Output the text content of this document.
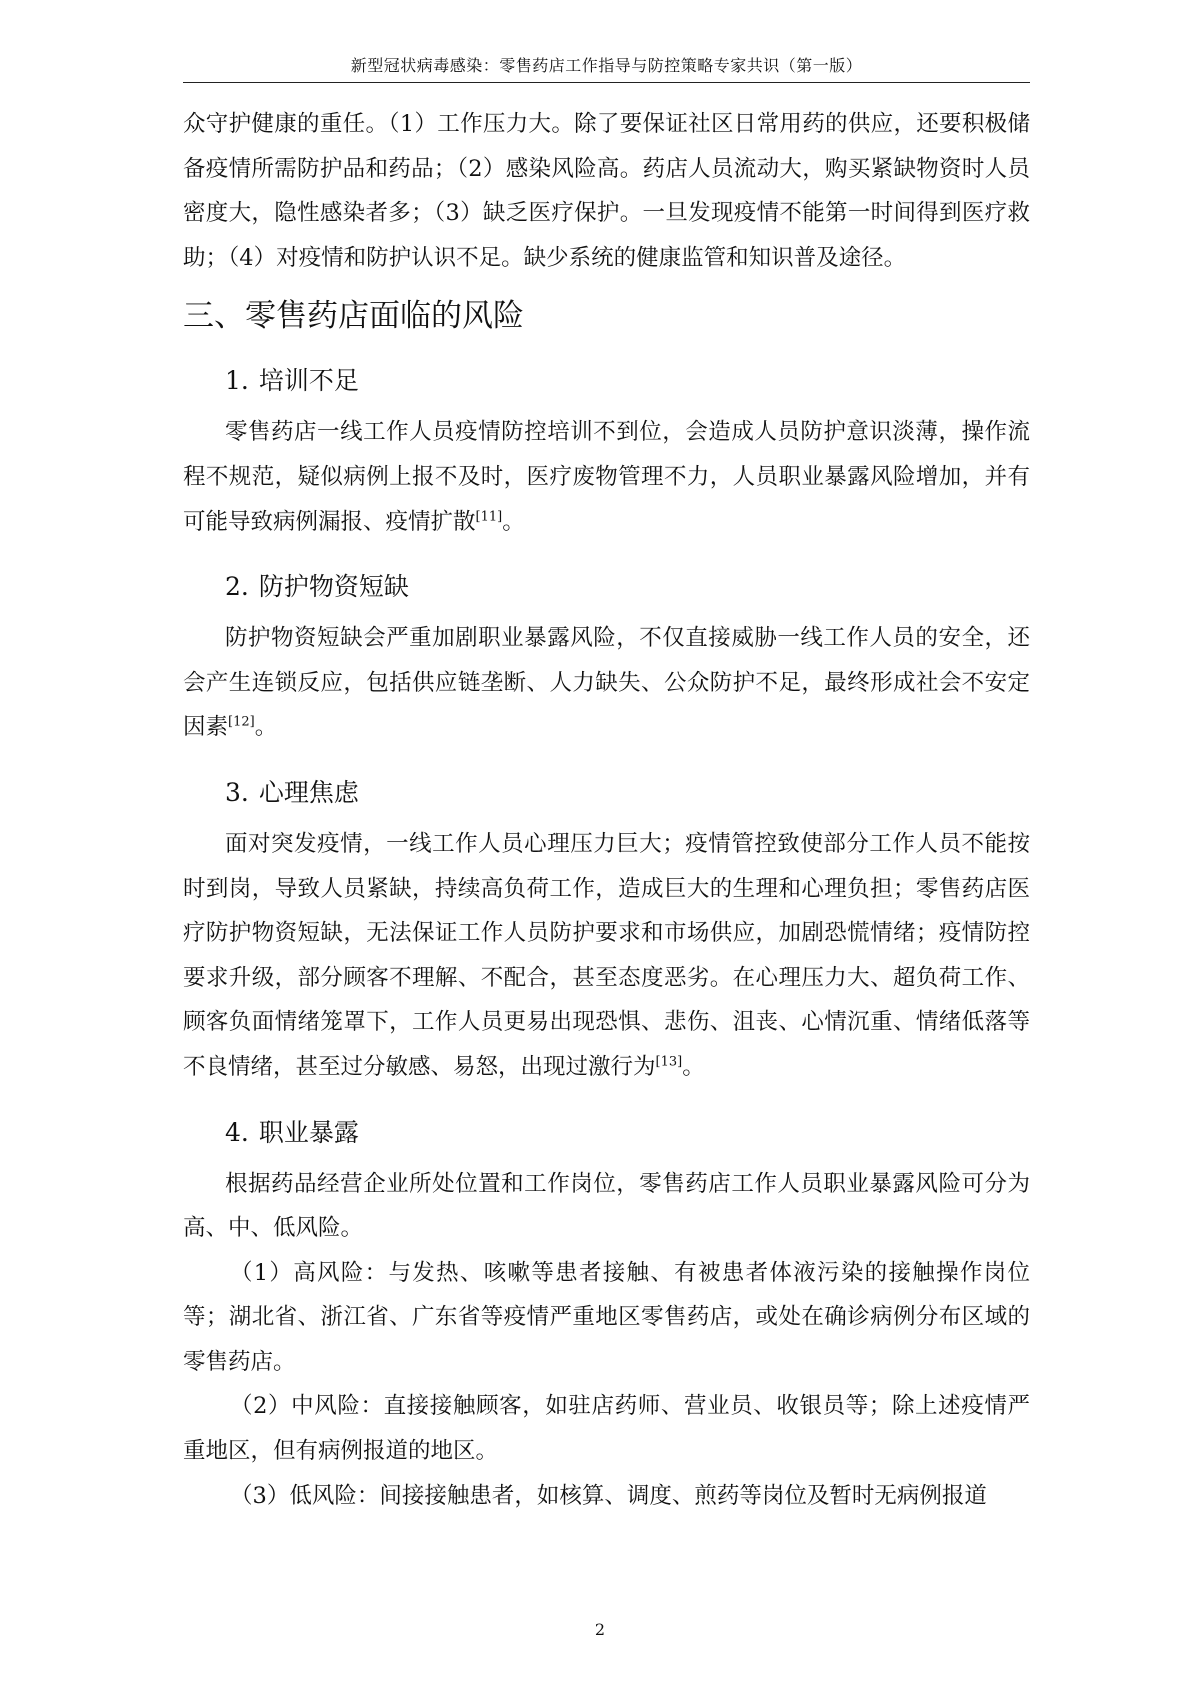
新型冠状病毒感染：零售药店工作指导与防控策略专家共识（第一版）

众守护健康的重任。（1）工作压力大。除了要保证社区日常用药的供应，还要积极储备疫情所需防护品和药品；（2）感染风险高。药店人员流动大，购买紧缺物资时人员密度大，隐性感染者多；（3）缺乏医疗保护。一旦发现疫情不能第一时间得到医疗救助；（4）对疫情和防护认识不足。缺少系统的健康监管和知识普及途径。

三、零售药店面临的风险
1. 培训不足

零售药店一线工作人员疫情防控培训不到位，会造成人员防护意识淡薄，操作流程不规范，疑似病例上报不及时，医疗废物管理不力，人员职业暴露风险增加，并有可能导致病例漏报、疫情扩散[11]。

2. 防护物资短缺

防护物资短缺会严重加剧职业暴露风险，不仅直接威胁一线工作人员的安全，还会产生连锁反应，包括供应链垄断、人力缺失、公众防护不足，最终形成社会不安定因素[12]。

3. 心理焦虑

面对突发疫情，一线工作人员心理压力巨大；疫情管控致使部分工作人员不能按时到岗，导致人员紧缺，持续高负荷工作，造成巨大的生理和心理负担；零售药店医疗防护物资短缺，无法保证工作人员防护要求和市场供应，加剧恐慌情绪；疫情防控要求升级，部分顾客不理解、不配合，甚至态度恶劣。在心理压力大、超负荷工作、顾客负面情绪笼罩下，工作人员更易出现恐惧、悲伤、沮丧、心情沉重、情绪低落等不良情绪，甚至过分敏感、易怒，出现过激行为[13]。

4. 职业暴露

根据药品经营企业所处位置和工作岗位，零售药店工作人员职业暴露风险可分为高、中、低风险。

（1）高风险：与发热、咳嗽等患者接触、有被患者体液污染的接触操作岗位等；湖北省、浙江省、广东省等疫情严重地区零售药店，或处在确诊病例分布区域的零售药店。

（2）中风险：直接接触顾客，如驻店药师、营业员、收银员等；除上述疫情严重地区，但有病例报道的地区。

（3）低风险：间接接触患者，如核算、调度、煎药等岗位及暂时无病例报道

2
